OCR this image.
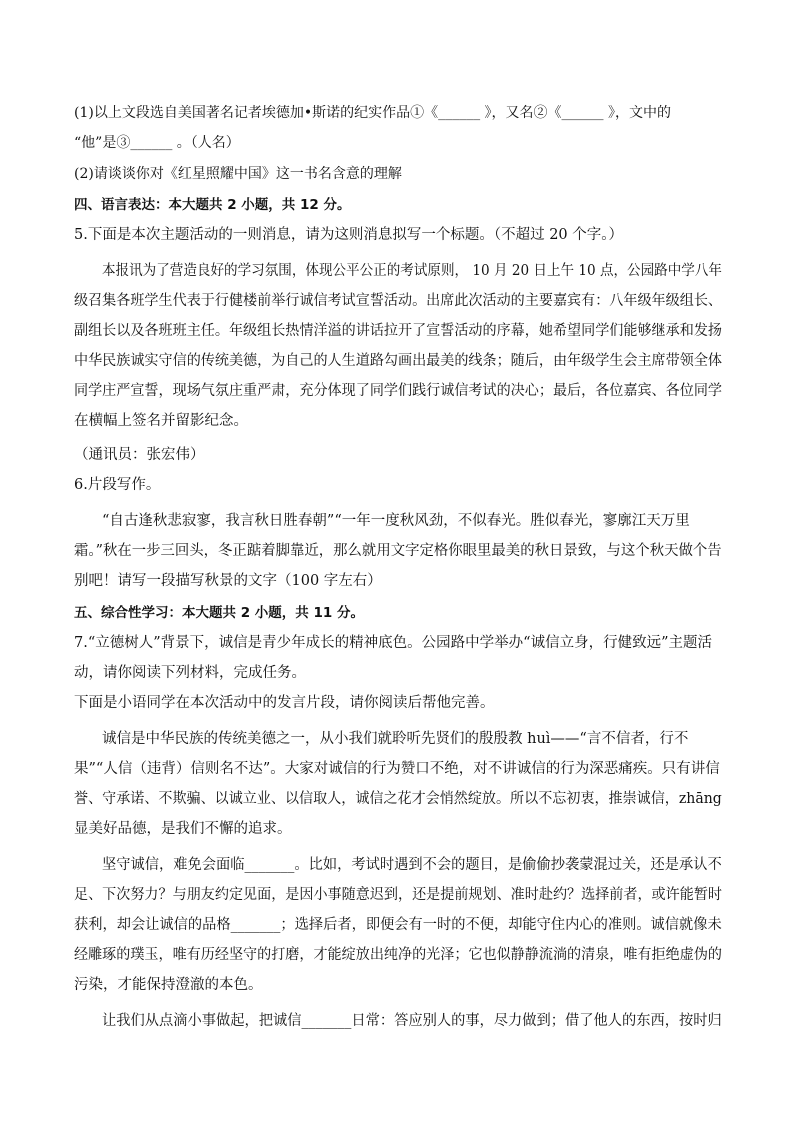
(1)以上文段选自美国著名记者埃德加•斯诺的纪实作品①《______ 》，又名②《______ 》，文中的
“他”是③______ 。（人名）
(2)请谈谈你对《红星照耀中国》这一书名含意的理解
四、语言表达：本大题共 2 小题，共 12 分。
5.下面是本次主题活动的一则消息，请为这则消息拟写一个标题。（不超过 20 个字。）
本报讯为了营造良好的学习氛围，体现公平公正的考试原则， 10 月 20 日上午 10 点，公园路中学八年
级召集各班学生代表于行健楼前举行诚信考试宣誓活动。出席此次活动的主要嘉宾有：八年级年级组长、
副组长以及各班班主任。年级组长热情洋溢的讲话拉开了宣誓活动的序幕，她希望同学们能够继承和发扬
中华民族诚实守信的传统美德，为自己的人生道路勾画出最美的线条；随后，由年级学生会主席带领全体
同学庄严宣誓，现场气氛庄重严肃，充分体现了同学们践行诚信考试的决心；最后，各位嘉宾、各位同学
在横幅上签名并留影纪念。
（通讯员：张宏伟）
6.片段写作。
“自古逢秋悲寂寥，我言秋日胜春朝”“一年一度秋风劲，不似春光。胜似春光，寥廓江天万里
霜。”秋在一步三回头，冬正踮着脚靠近，那么就用文字定格你眼里最美的秋日景致，与这个秋天做个告
别吧！请写一段描写秋景的文字（100 字左右）
五、综合性学习：本大题共 2 小题，共 11 分。
7.“立德树人”背景下，诚信是青少年成长的精神底色。公园路中学举办“诚信立身，行健致远”主题活
动，请你阅读下列材料，完成任务。
下面是小语同学在本次活动中的发言片段，请你阅读后帮他完善。
诚信是中华民族的传统美德之一，从小我们就聆听先贤们的殷殷教 huì——“言不信者，行不
果”“人信（违背）信则名不达”。大家对诚信的行为赞口不绝，对不讲诚信的行为深恶痛疾。只有讲信
誉、守承诺、不欺骗、以诚立业、以信取人，诚信之花才会悄然绽放。所以不忘初衷，推崇诚信，zhāng
显美好品德，是我们不懈的追求。
坚守诚信，难免会面临_______。比如，考试时遇到不会的题目，是偷偷抄袭蒙混过关，还是承认不
足、下次努力？与朋友约定见面，是因小事随意迟到，还是提前规划、准时赴约？选择前者，或许能暂时
获利，却会让诚信的品格_______；选择后者，即便会有一时的不便，却能守住内心的准则。诚信就像未
经雕琢的璞玉，唯有历经坚守的打磨，才能绽放出纯净的光泽；它也似静静流淌的清泉，唯有拒绝虚伪的
污染，才能保持澄澈的本色。
让我们从点滴小事做起，把诚信_______日常：答应别人的事，尽力做到；借了他人的东西，按时归
